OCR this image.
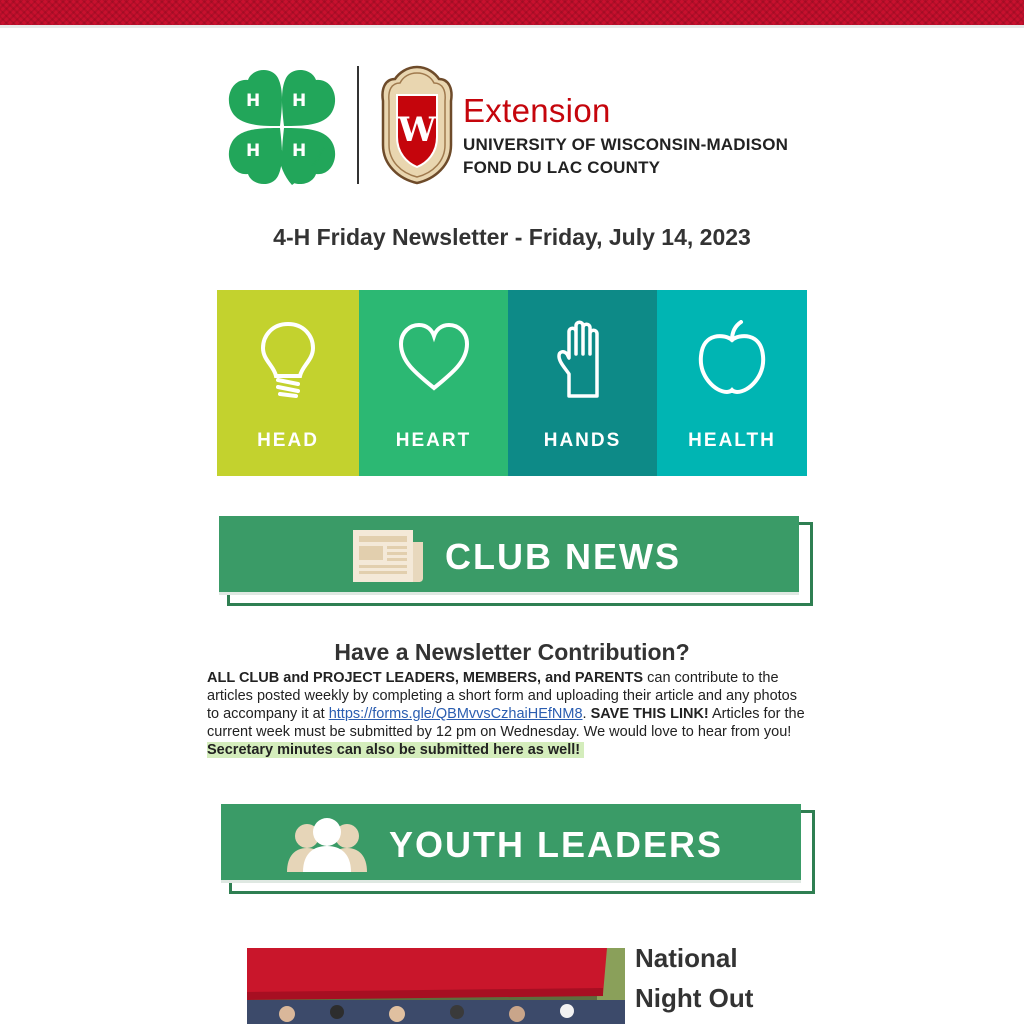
H H
H H THE H4-H
W Extension
UNIVERSITY OF WISCONSIN-MADISON
FOND DU LAC COUNTY
4-H Friday Newsletter - Friday, July 14, 2023
HEAD	HEART	HANDS	HEALTH
CLUB NEWS
Have a Newsletter Contribution?
ALL CLUB and PROJECT LEADERS, MEMBERS, and PARENTS can contribute to the articles posted weekly by completing a short form and uploading their article and any photos to accompany it at https://forms.gle/QBMvvsCzhaiHEfNM8. SAVE THIS LINK! Articles for the current week must be submitted by 12 pm on Wednesday. We would love to hear from you!
Secretary minutes can also be submitted here as well!
YOUTH LEADERS
National
Night Out
